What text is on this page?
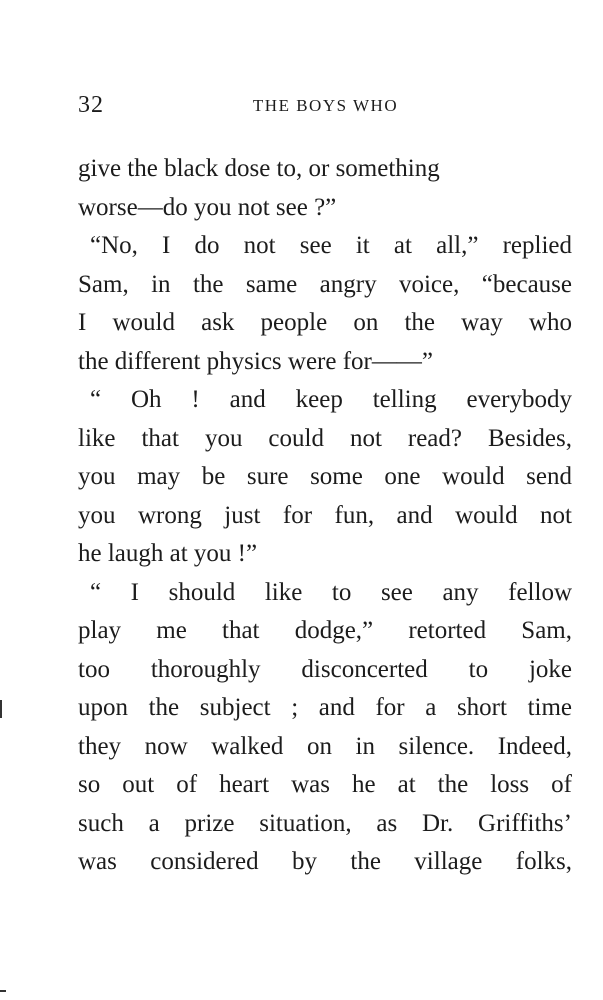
32	THE BOYS WHO
give the black dose to, or something
worse—do you not see ?”
“No, I do not see it at all,” replied
Sam, in the same angry voice, “because
I would ask people on the way who
the different physics were for——”
“ Oh ! and keep telling everybody
like that you could not read? Besides,
you may be sure some one would send
you wrong just for fun, and would not
he laugh at you !”
“ I should like to see any fellow
play me that dodge,” retorted Sam,
too thoroughly disconcerted to joke
upon the subject ; and for a short time
they now walked on in silence. Indeed,
so out of heart was he at the loss of
such a prize situation, as Dr. Griffiths’
was considered by the village folks,
